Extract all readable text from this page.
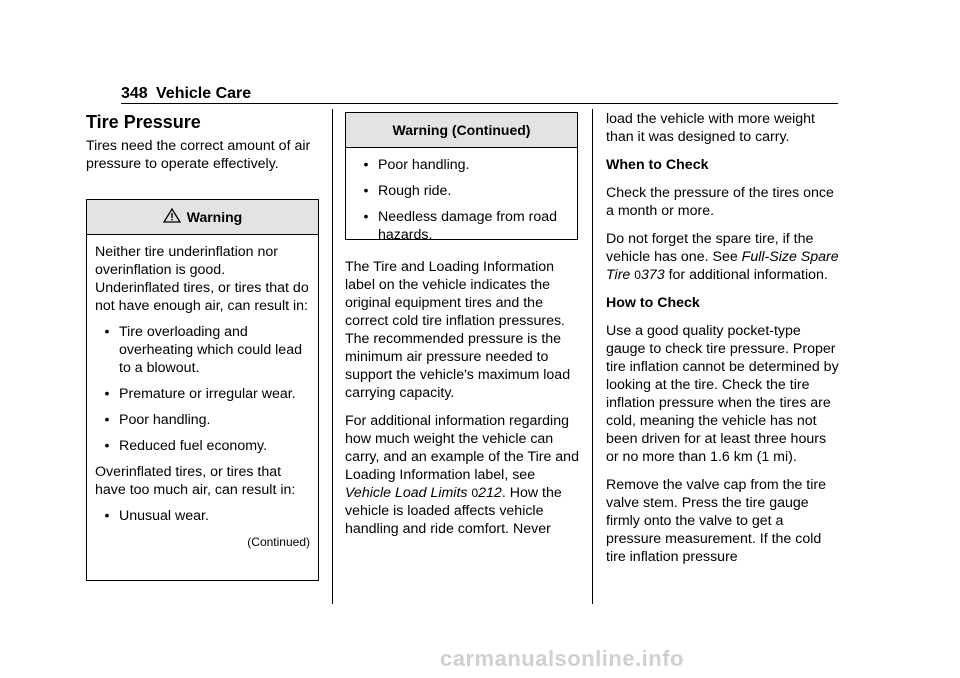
348 Vehicle Care
Tire Pressure

Tires need the correct amount of air pressure to operate effectively.

Warning

Neither tire underinflation nor overinflation is good. Underinflated tires, or tires that do not have enough air, can result in:

• Tire overloading and overheating which could lead to a blowout.
• Premature or irregular wear.
• Poor handling.
• Reduced fuel economy.

Overinflated tires, or tires that have too much air, can result in:

• Unusual wear.
(Continued)
Warning (Continued)
• Poor handling.
• Rough ride.
• Needless damage from road hazards.

The Tire and Loading Information label on the vehicle indicates the original equipment tires and the correct cold tire inflation pressures. The recommended pressure is the minimum air pressure needed to support the vehicle's maximum load carrying capacity.

For additional information regarding how much weight the vehicle can carry, and an example of the Tire and Loading Information label, see Vehicle Load Limits 0212. How the vehicle is loaded affects vehicle handling and ride comfort. Never

load the vehicle with more weight than it was designed to carry.

When to Check

Check the pressure of the tires once a month or more.

Do not forget the spare tire, if the vehicle has one. See Full-Size Spare Tire 0373 for additional information.

How to Check

Use a good quality pocket-type gauge to check tire pressure. Proper tire inflation cannot be determined by looking at the tire. Check the tire inflation pressure when the tires are cold, meaning the vehicle has not been driven for at least three hours or no more than 1.6 km (1 mi).

Remove the valve cap from the tire valve stem. Press the tire gauge firmly onto the valve to get a pressure measurement. If the cold tire inflation pressure

carmanualsonline.info
